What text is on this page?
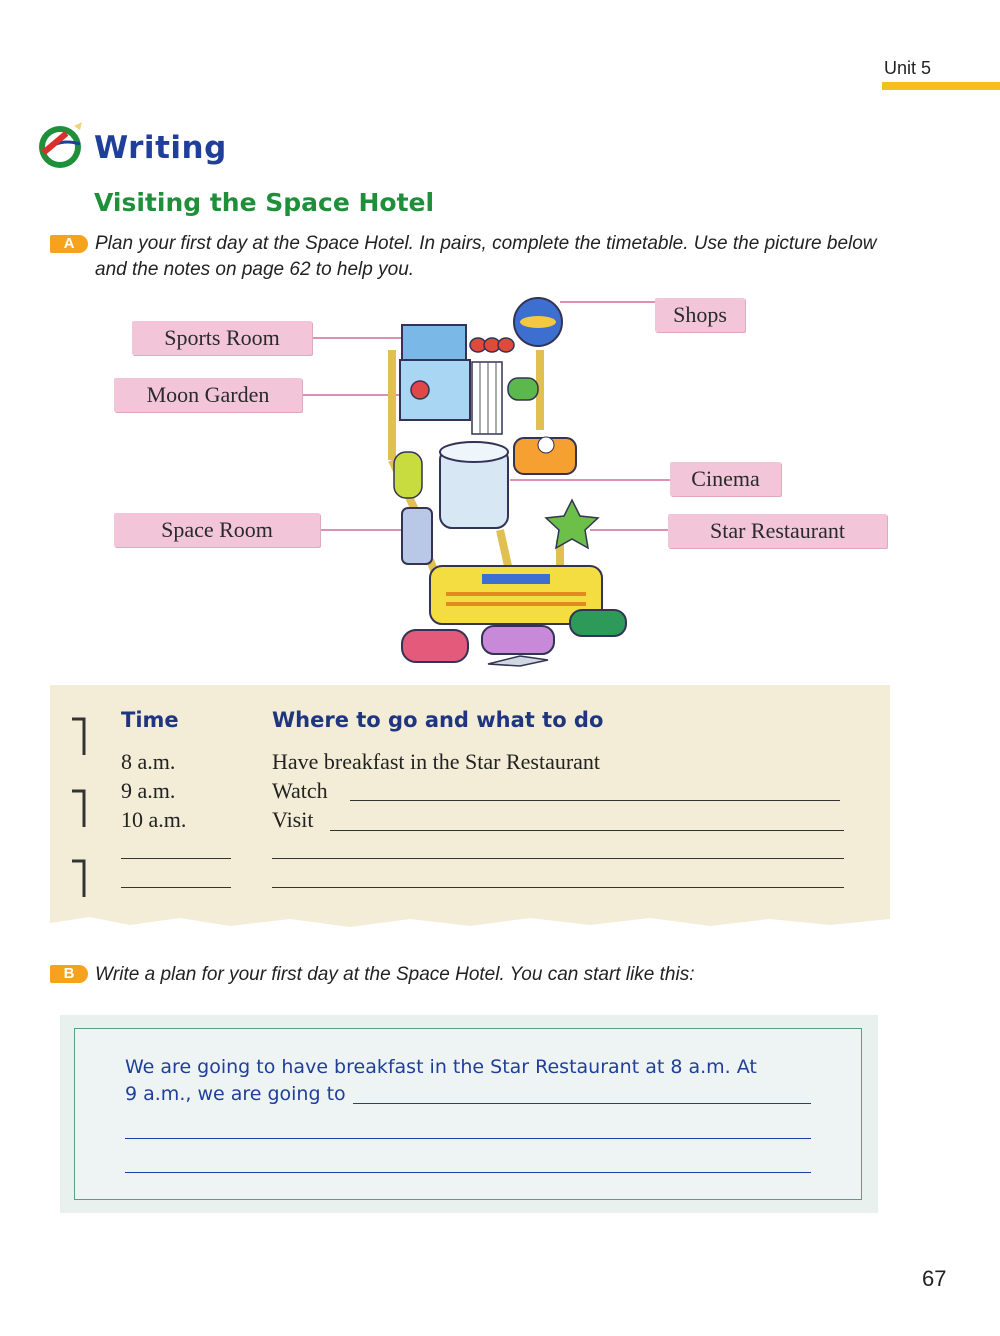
Unit 5
Writing
Visiting the Space Hotel
A	Plan your first day at the Space Hotel. In pairs, complete the timetable. Use the picture below and the notes on page 62 to help you.
Sports Room
Moon Garden
Space Room
Shops
Cinema
Star Restaurant
Time	Where to go and what to do
8 a.m.	Have breakfast in the Star Restaurant
9 a.m.	Watch
10 a.m.	Visit
B	Write a plan for your first day at the Space Hotel. You can start like this:
We are going to have breakfast in the Star Restaurant at 8 a.m. At
9 a.m., we are going to
67
